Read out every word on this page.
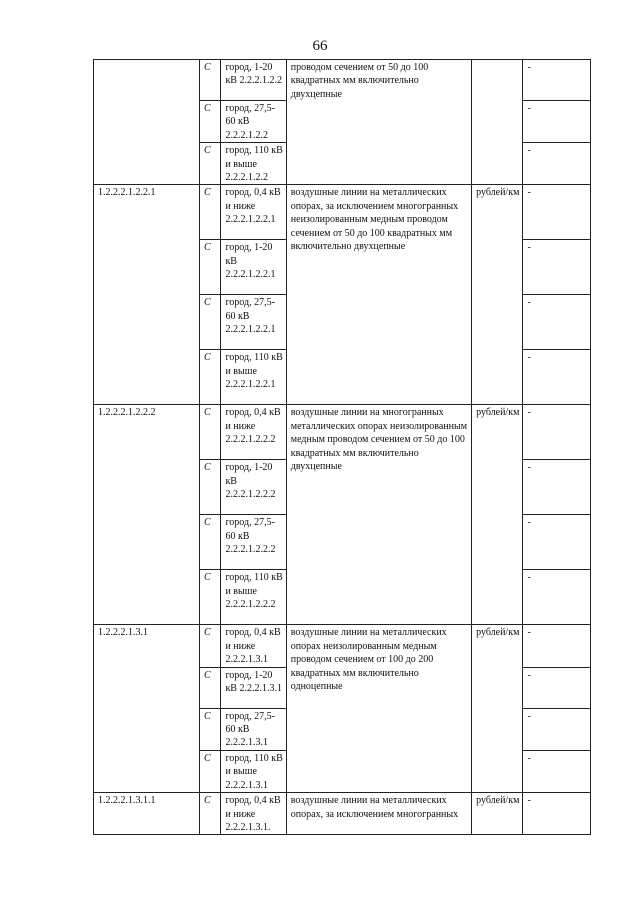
66
	C	город, 1-20 кВ 2.2.2.1.2.2	проводом сечением от 50 до 100 квадратных мм включительно двухцепные		-
	C	город, 27,5-60 кВ 2.2.2.1.2.2			-
	C	город, 110 кВ и выше 2.2.2.1.2.2			-
1.2.2.2.1.2.2.1	C	город, 0,4 кВ и ниже 2.2.2.1.2.2.1	воздушные линии на металлических опорах, за исключением многогранных неизолированным медным проводом сечением от 50 до 100 квадратных мм включительно двухцепные	рублей/км	-
	C	город, 1-20 кВ 2.2.2.1.2.2.1			-
	C	город, 27,5-60 кВ 2.2.2.1.2.2.1			-
	C	город, 110 кВ и выше 2.2.2.1.2.2.1			-
1.2.2.2.1.2.2.2	C	город, 0,4 кВ и ниже 2.2.2.1.2.2.2	воздушные линии на многогранных металлических опорах неизолированным медным проводом сечением от 50 до 100 квадратных мм включительно двухцепные	рублей/км	-
	C	город, 1-20 кВ 2.2.2.1.2.2.2			-
	C	город, 27,5-60 кВ 2.2.2.1.2.2.2			-
	C	город, 110 кВ и выше 2.2.2.1.2.2.2			-
1.2.2.2.1.3.1	C	город, 0,4 кВ и ниже 2.2.2.1.3.1	воздушные линии на металлических опорах неизолированным медным проводом сечением от 100 до 200 квадратных мм включительно одноцепные	рублей/км	-
	C	город, 1-20 кВ 2.2.2.1.3.1			-
	C	город, 27,5-60 кВ 2.2.2.1.3.1			-
	C	город, 110 кВ и выше 2.2.2.1.3.1			-
1.2.2.2.1.3.1.1	C	город, 0,4 кВ и ниже 2.2.2.1.3.1.	воздушные линии на металлических опорах, за исключением многогранных	рублей/км	-
